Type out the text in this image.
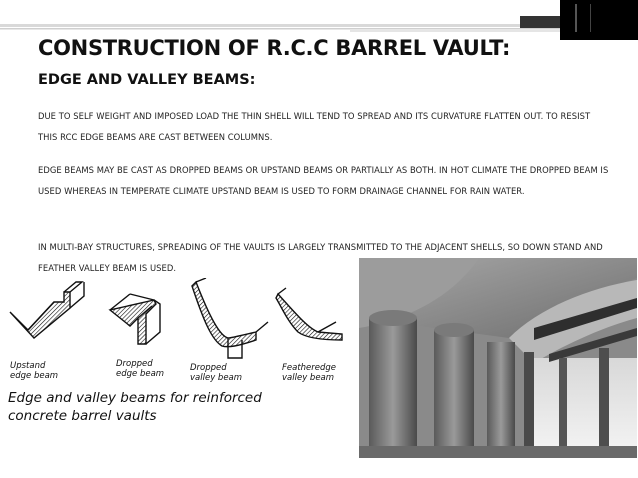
CONSTRUCTION OF R.C.C BARREL VAULT:
EDGE AND VALLEY BEAMS:

DUE TO SELF WEIGHT AND IMPOSED LOAD THE THIN SHELL WILL TEND TO SPREAD AND ITS CURVATURE FLATTEN OUT. TO RESIST THIS RCC EDGE BEAMS ARE CAST BETWEEN COLUMNS.

EDGE BEAMS MAY BE CAST AS DROPPED BEAMS OR UPSTAND BEAMS OR PARTIALLY AS BOTH. IN HOT CLIMATE THE DROPPED BEAM IS USED WHEREAS IN TEMPERATE CLIMATE UPSTAND BEAM IS USED TO FORM DRAINAGE CHANNEL FOR RAIN WATER.

IN MULTI-BAY STRUCTURES, SPREADING OF THE VAULTS IS LARGELY TRANSMITTED TO THE ADJACENT SHELLS, SO DOWN STAND AND FEATHER VALLEY BEAM IS USED.

Upstand
edge beam
Dropped
edge beam
Dropped
valley beam
Featheredge
valley beam
Edge and valley beams for reinforced
concrete barrel vaults
